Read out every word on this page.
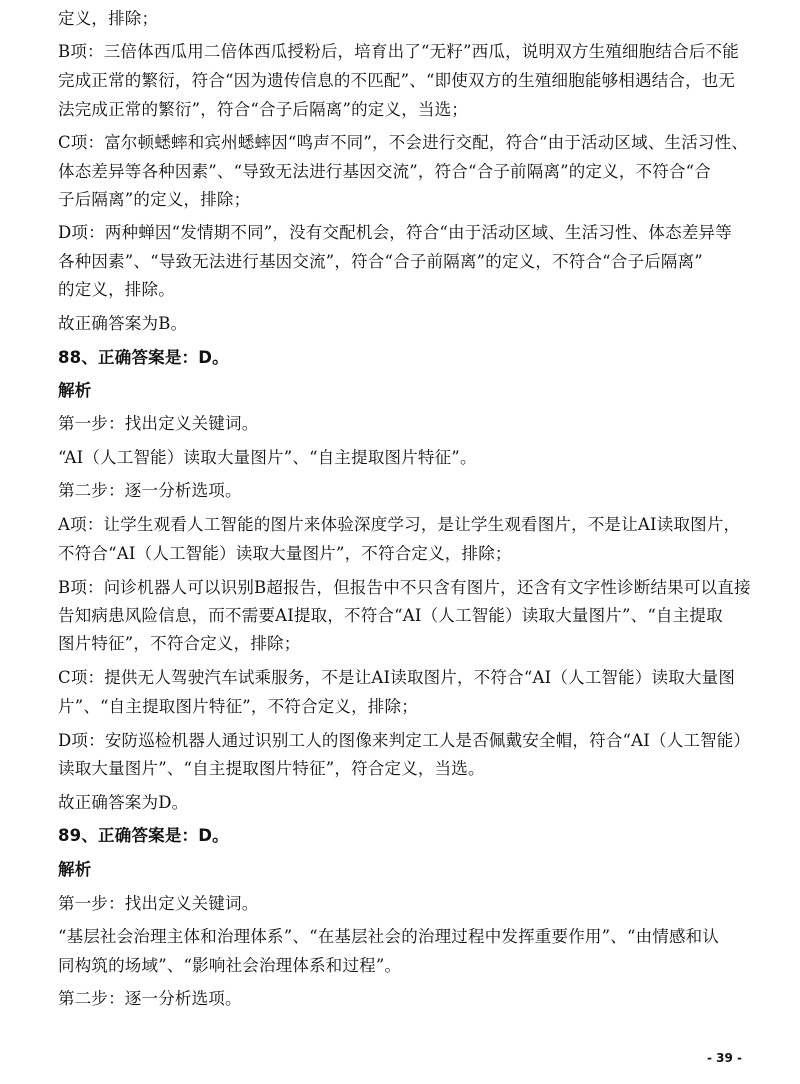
定义，排除；
B项：三倍体西瓜用二倍体西瓜授粉后，培育出了“无籽”西瓜，说明双方生殖细胞结合后不能
完成正常的繁衍，符合“因为遗传信息的不匹配”、“即使双方的生殖细胞能够相遇结合，也无
法完成正常的繁衍”，符合“合子后隔离”的定义，当选；
C项：富尔顿蟋蟀和宾州蟋蟀因“鸣声不同”，不会进行交配，符合“由于活动区域、生活习性、
体态差异等各种因素”、“导致无法进行基因交流”，符合“合子前隔离”的定义，不符合“合
子后隔离”的定义，排除；
D项：两种蝉因“发情期不同”，没有交配机会，符合“由于活动区域、生活习性、体态差异等
各种因素”、“导致无法进行基因交流”，符合“合子前隔离”的定义，不符合“合子后隔离”
的定义，排除。
故正确答案为B。
88、正确答案是：D。
解析
第一步：找出定义关键词。
“AI（人工智能）读取大量图片”、“自主提取图片特征”。
第二步：逐一分析选项。
A项：让学生观看人工智能的图片来体验深度学习，是让学生观看图片，不是让AI读取图片，
不符合“AI（人工智能）读取大量图片”，不符合定义，排除；
B项：问诊机器人可以识别B超报告，但报告中不只含有图片，还含有文字性诊断结果可以直接
告知病患风险信息，而不需要AI提取，不符合“AI（人工智能）读取大量图片”、“自主提取
图片特征”，不符合定义，排除；
C项：提供无人驾驶汽车试乘服务，不是让AI读取图片，不符合“AI（人工智能）读取大量图
片”、“自主提取图片特征”，不符合定义，排除；
D项：安防巡检机器人通过识别工人的图像来判定工人是否佩戴安全帽，符合“AI（人工智能）
读取大量图片”、“自主提取图片特征”，符合定义，当选。
故正确答案为D。
89、正确答案是：D。
解析
第一步：找出定义关键词。
“基层社会治理主体和治理体系”、“在基层社会的治理过程中发挥重要作用”、“由情感和认
同构筑的场域”、“影响社会治理体系和过程”。
第二步：逐一分析选项。
- 39 -
